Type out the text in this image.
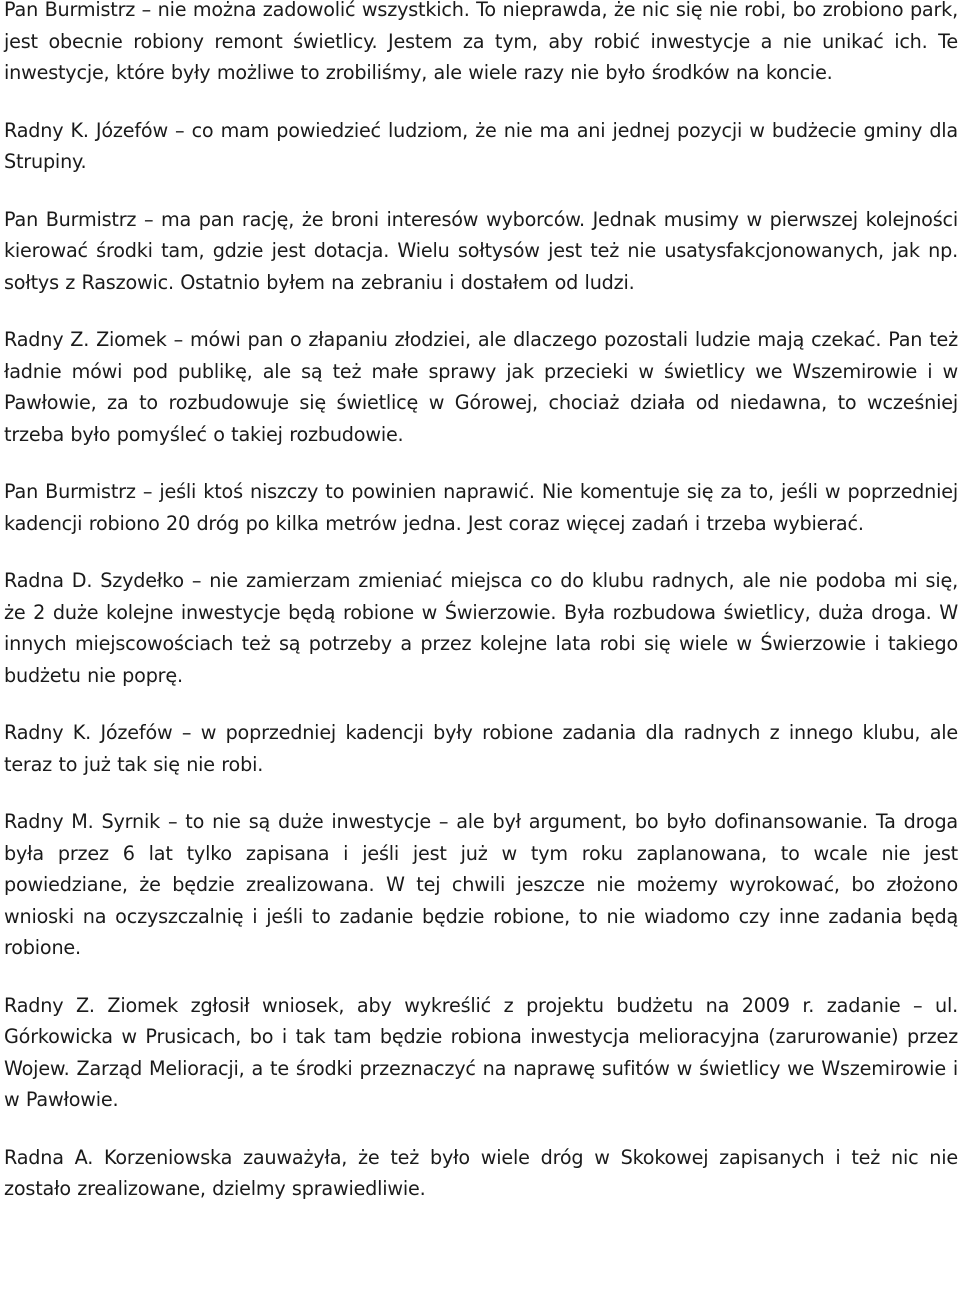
Pan Burmistrz – nie można zadowolić wszystkich. To nieprawda, że nic się nie robi, bo zrobiono park, jest obecnie robiony remont świetlicy. Jestem za tym, aby robić inwestycje a nie unikać ich. Te inwestycje, które były możliwe to zrobiliśmy, ale wiele razy nie było środków na koncie.

Radny K. Józefów – co mam powiedzieć ludziom, że nie ma ani jednej pozycji w budżecie gminy dla Strupiny.

Pan Burmistrz – ma pan rację, że broni interesów wyborców. Jednak musimy w pierwszej kolejności kierować środki tam, gdzie jest dotacja. Wielu sołtysów jest też nie usatysfakcjonowanych, jak np. sołtys z Raszowic. Ostatnio byłem na zebraniu i dostałem od ludzi.

Radny Z. Ziomek – mówi pan o złapaniu złodziei, ale dlaczego pozostali ludzie mają czekać. Pan też ładnie mówi pod publikę, ale są też małe sprawy jak przecieki w świetlicy we Wszemirowie i w Pawłowie, za to rozbudowuje się świetlicę w Górowej, chociaż działa od niedawna, to wcześniej trzeba było pomyśleć o takiej rozbudowie.

Pan Burmistrz – jeśli ktoś niszczy to powinien naprawić. Nie komentuje się za to, jeśli w poprzedniej kadencji robiono 20 dróg po kilka metrów jedna. Jest coraz więcej zadań i trzeba wybierać.

Radna D. Szydełko – nie zamierzam zmieniać miejsca co do klubu radnych, ale nie podoba mi się, że 2 duże kolejne inwestycje będą robione w Świerzowie. Była rozbudowa świetlicy, duża droga. W innych miejscowościach też są potrzeby a przez kolejne lata robi się wiele w Świerzowie i takiego budżetu nie poprę.

Radny K. Józefów – w poprzedniej kadencji były robione zadania dla radnych z innego klubu, ale teraz to już tak się nie robi.

Radny M. Syrnik – to nie są duże inwestycje – ale był argument, bo było dofinansowanie. Ta droga była przez 6 lat tylko zapisana i jeśli jest już w tym roku zaplanowana, to wcale nie jest powiedziane, że będzie zrealizowana. W tej chwili jeszcze nie możemy wyrokować, bo złożono wnioski na oczyszczalnię i jeśli to zadanie będzie robione, to nie wiadomo czy inne zadania będą robione.

Radny Z. Ziomek zgłosił wniosek, aby wykreślić z projektu budżetu na 2009 r. zadanie – ul. Górkowicka w Prusicach, bo i tak tam będzie robiona inwestycja melioracyjna (zarurowanie) przez Wojew. Zarząd Melioracji, a te środki przeznaczyć na naprawę sufitów w świetlicy we Wszemirowie i w Pawłowie.

Radna A. Korzeniowska zauważyła, że też było wiele dróg w Skokowej zapisanych i też nic nie zostało zrealizowane, dzielmy sprawiedliwie.
